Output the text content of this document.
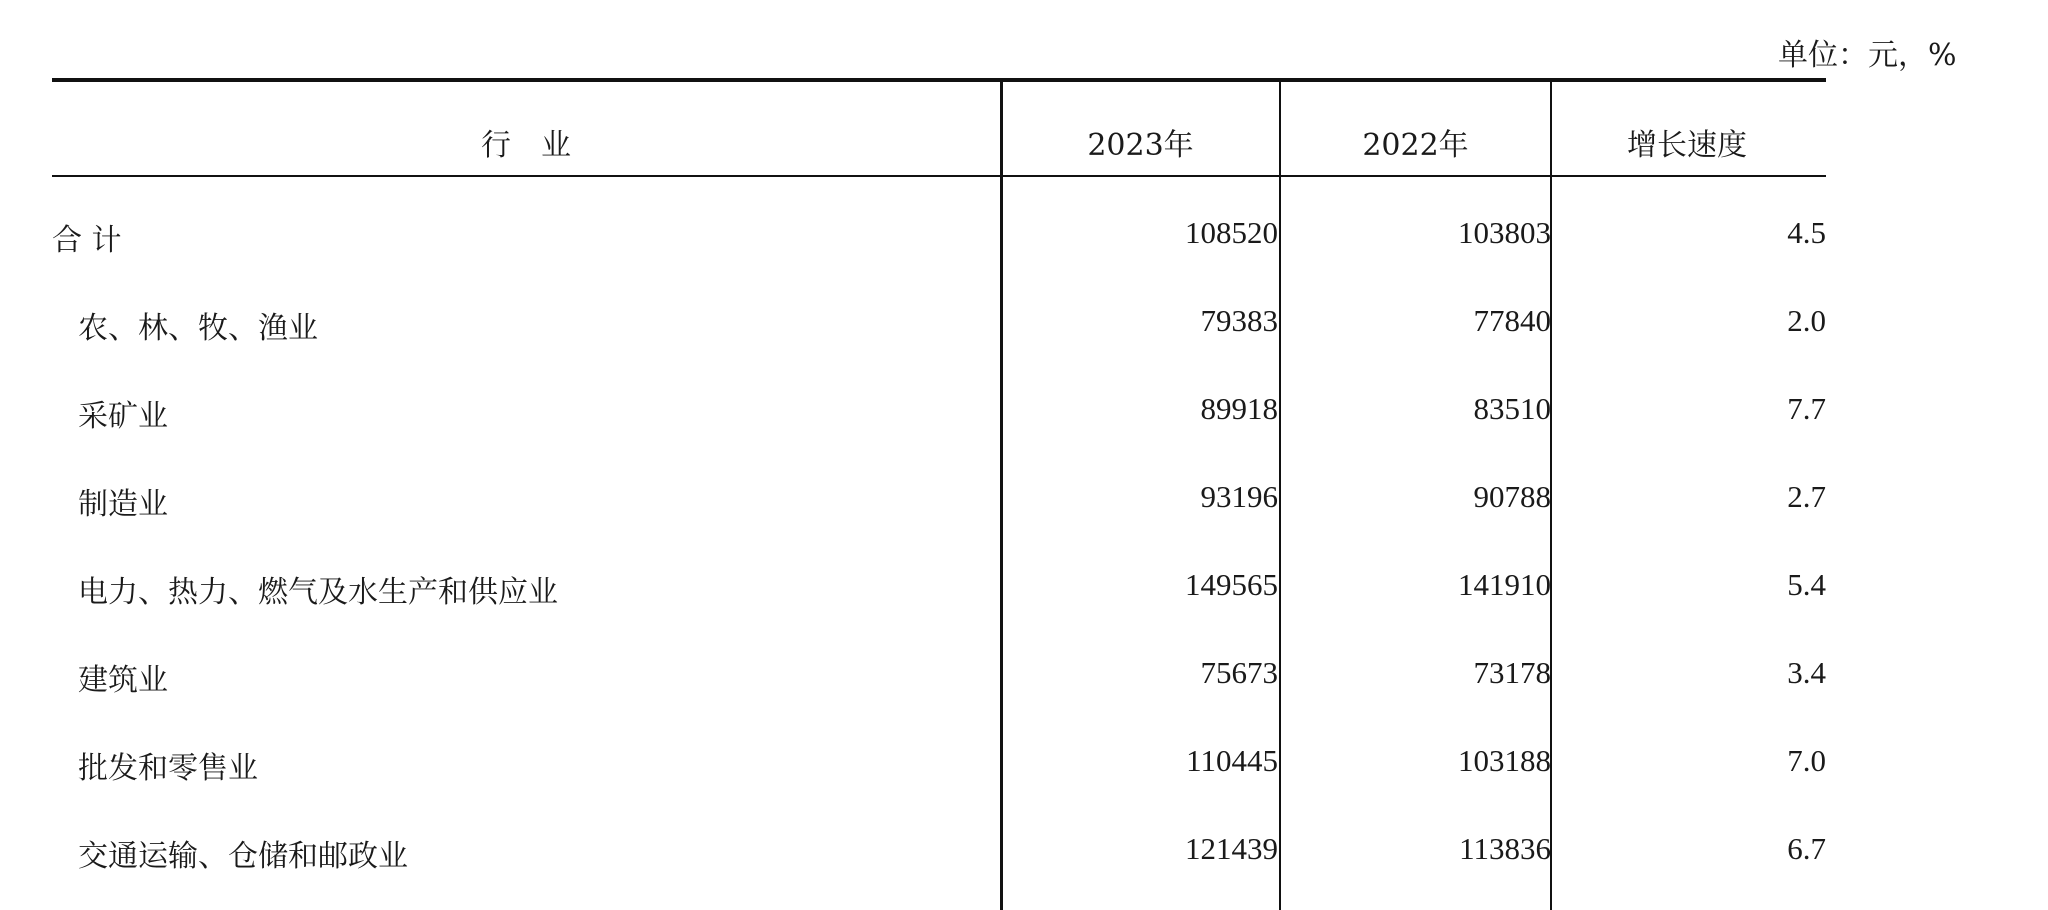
单位：元，%
行　业	2023年	2022年	增长速度
合 计	108520	103803	4.5
农、林、牧、渔业	79383	77840	2.0
采矿业	89918	83510	7.7
制造业	93196	90788	2.7
电力、热力、燃气及水生产和供应业	149565	141910	5.4
建筑业	75673	73178	3.4
批发和零售业	110445	103188	7.0
交通运输、仓储和邮政业	121439	113836	6.7
